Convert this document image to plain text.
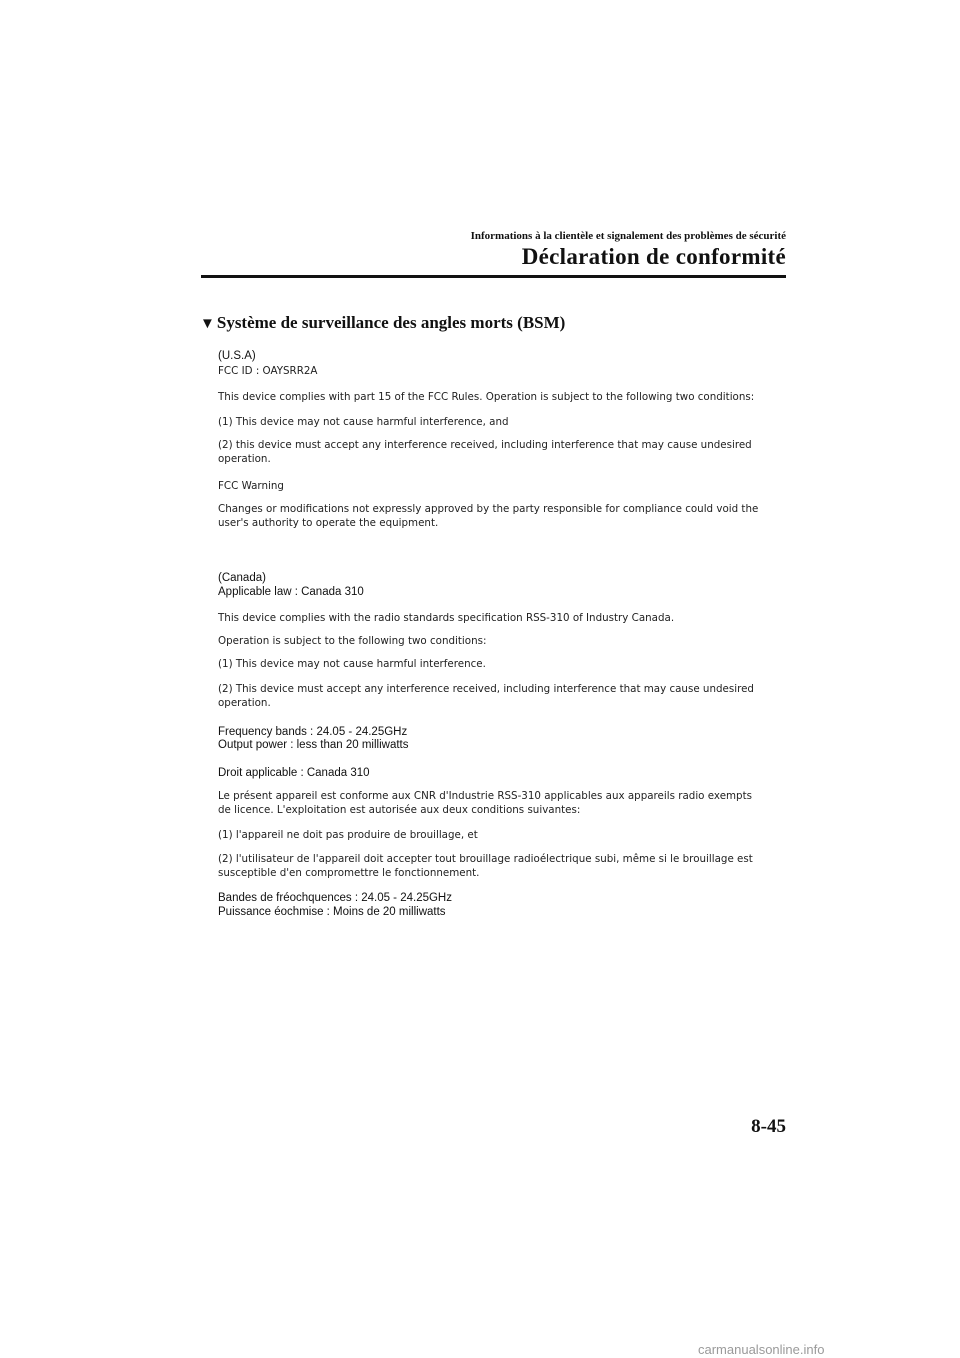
Informations à la clientèle et signalement des problèmes de sécurité
Déclaration de conformité
▼ Système de surveillance des angles morts (BSM)
(U.S.A)
FCC ID : OAYSRR2A
This device complies with part 15 of the FCC Rules. Operation is subject to the following two conditions:
(1) This device may not cause harmful interference, and
(2) this device must accept any interference received, including interference that may cause undesired
operation.
FCC Warning
Changes or modifications not expressly approved by the party responsible for compliance could void the
user's authority to operate the equipment.
(Canada)
Applicable law : Canada 310
This device complies with the radio standards specification RSS-310 of Industry Canada.
Operation is subject to the following two conditions:
(1) This device may not cause harmful interference.
(2) This device must accept any interference received, including interference that may cause undesired
operation.
Frequency bands : 24.05 - 24.25GHz
Output power : less than 20 milliwatts
Droit applicable : Canada 310
Le présent appareil est conforme aux CNR d'Industrie RSS-310 applicables aux appareils radio exempts
de licence. L'exploitation est autorisée aux deux conditions suivantes:
(1) l'appareil ne doit pas produire de brouillage, et
(2) l'utilisateur de l'appareil doit accepter tout brouillage radioélectrique subi, même si le brouillage est
susceptible d'en compromettre le fonctionnement.
Bandes de fréochquences : 24.05 - 24.25GHz
Puissance éochmise : Moins de 20 milliwatts
8-45
carmanualsonline.info
